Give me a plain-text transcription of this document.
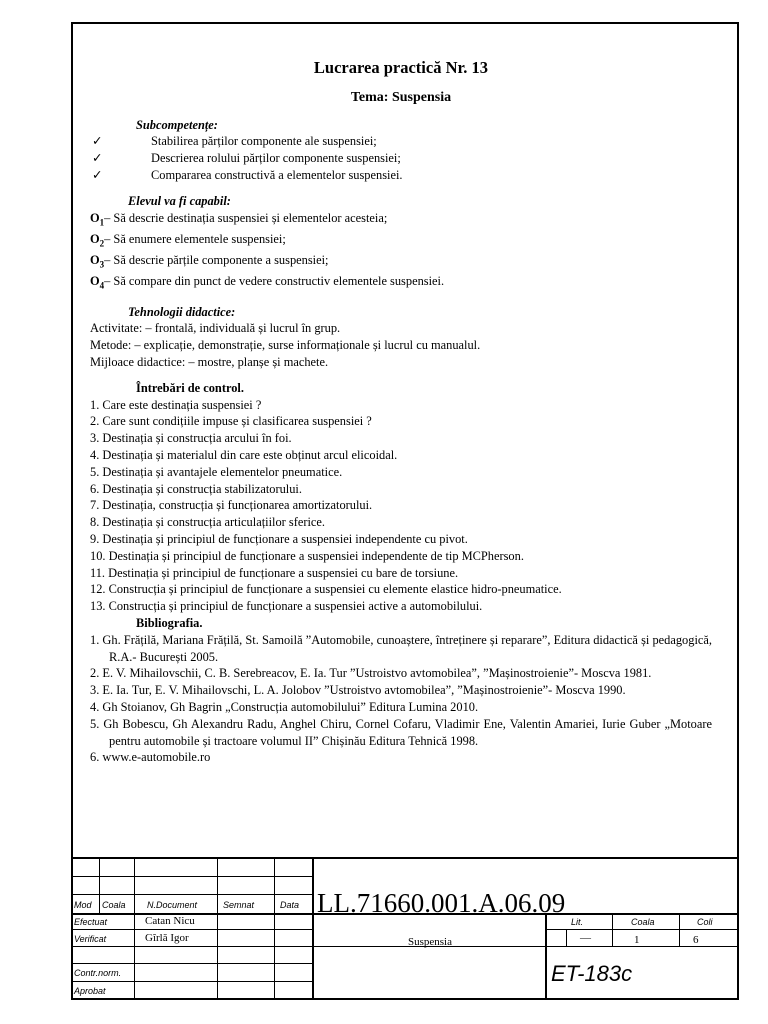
Lucrarea practică Nr. 13
Tema: Suspensia
Subcompetențe:
✓	Stabilirea părților componente ale suspensiei;
✓	Descrierea rolului părților componente suspensiei;
✓	Compararea constructivă a elementelor suspensiei.
Elevul va fi capabil:
$O_1-$ Să descrie destinația suspensiei și elementelor acesteia;
$O_2-$ Să enumere elementele suspensiei;
$O_3-$ Să descrie părțile componente a suspensiei;
$O_4-$ Să compare din punct de vedere constructiv elementele suspensiei.
Tehnologii didactice:
Activitate: – frontală, individuală și lucrul în grup.
Metode: – explicație, demonstrație, surse informaționale și lucrul cu manualul.
Mijloace didactice: – mostre, planșe și machete.
Întrebări de control.
1. Care este destinația suspensiei ?
2. Care sunt condițiile impuse și clasificarea suspensiei ?
3. Destinația și construcția arcului în foi.
4. Destinația și materialul din care este obținut arcul elicoidal.
5. Destinația și avantajele elementelor pneumatice.
6. Destinația și construcția stabilizatorului.
7. Destinația, construcția și funcționarea amortizatorului.
8. Destinația și construcția articulațiilor sferice.
9. Destinația și principiul de funcționare a suspensiei independente cu pivot.
10. Destinația și principiul de funcționare a suspensiei independente de tip MCPherson.
11. Destinația și principiul de funcționare a suspensiei cu bare de torsiune.
12. Construcția și principiul de funcționare a suspensiei cu elemente elastice hidro-pneumatice.
13. Construcția și principiul de funcționare a suspensiei active a automobilului.
Bibliografia.

1. Gh. Frățilă, Mariana Frățilă, St. Samoilă ”Automobile, cunoaștere, întreținere și reparare”, Editura didactică și pedagogică, R.A.- București 2005.

2. E. V. Mihailovschii, C. B. Serebreacov, E. Ia. Tur ”Ustroistvo avtomobilea”, ”Mașinostroienie”- Moscva 1981.

3. E. Ia. Tur, E. V. Mihailovschi, L. A. Jolobov ”Ustroistvo avtomobilea”, ”Mașinostroienie”- Moscva 1990.

4. Gh Stoianov, Gh Bagrin „Construcția automobilului” Editura Lumina 2010.

5. Gh Bobescu, Gh Alexandru Radu, Anghel Chiru, Cornel Cofaru, Vladimir Ene, Valentin Amariei, Iurie Guber „Motoare pentru automobile și tractoare volumul II” Chișinău Editura Tehnică 1998.

6. www.e-automobile.ro

Mod Coala N.Document	Semnat	Data
Efectuat	Catan Nicu
Verificat	Gîrlă Igor
Contr.norm.
Aprobat
LL.71660.001.A.06.09
Suspensia
Lit.	Coala	Coli
—	1	6
ET-183c
